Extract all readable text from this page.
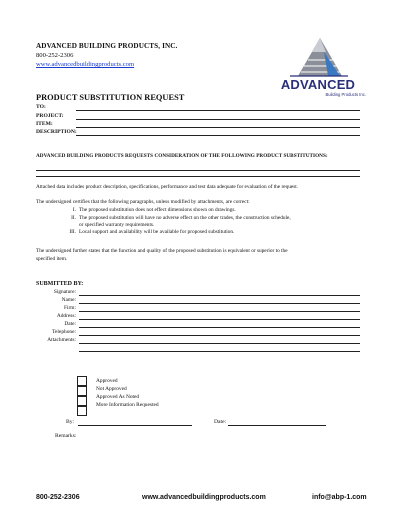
ADVANCED BUILDING PRODUCTS, INC.
800-252-2306
www.advancedbuildingproducts.com
ADVANCED
Building Products Inc.
PRODUCT SUBSTITUTION REQUEST
TO:
PROJECT:
ITEM:
DESCRIPTION:
ADVANCED BUILDING PRODUCTS REQUESTS CONSIDERATION OF THE FOLLOWING PRODUCT SUBSTITUTIONS:
Attached data includes product description, specifications, performance and test data adequate for evaluation of the request.
The undersigned certifies that the following paragraphs, unless modified by attachments, are correct:
I. The proposed substitution does not effect dimensions shown on drawings.
II. The proposed substitution will have no adverse effect on the other trades, the construction schedule,
or specified warranty requirements.
III. Local support and availability will be available for proposed substitution.
The undersigned further states that the function and quality of the proposed substitution is equivalent or superior to the
specified item.
SUBMITTED BY:
Signature:
Name:
Firm:
Address:
Date:
Telephone:
Attachments:
Approved
Not Approved
Approved As Noted
More Information Requested
By:	Date:
Remarks:
800-252-2306	www.advancedbuildingproducts.com	info@abp-1.com
